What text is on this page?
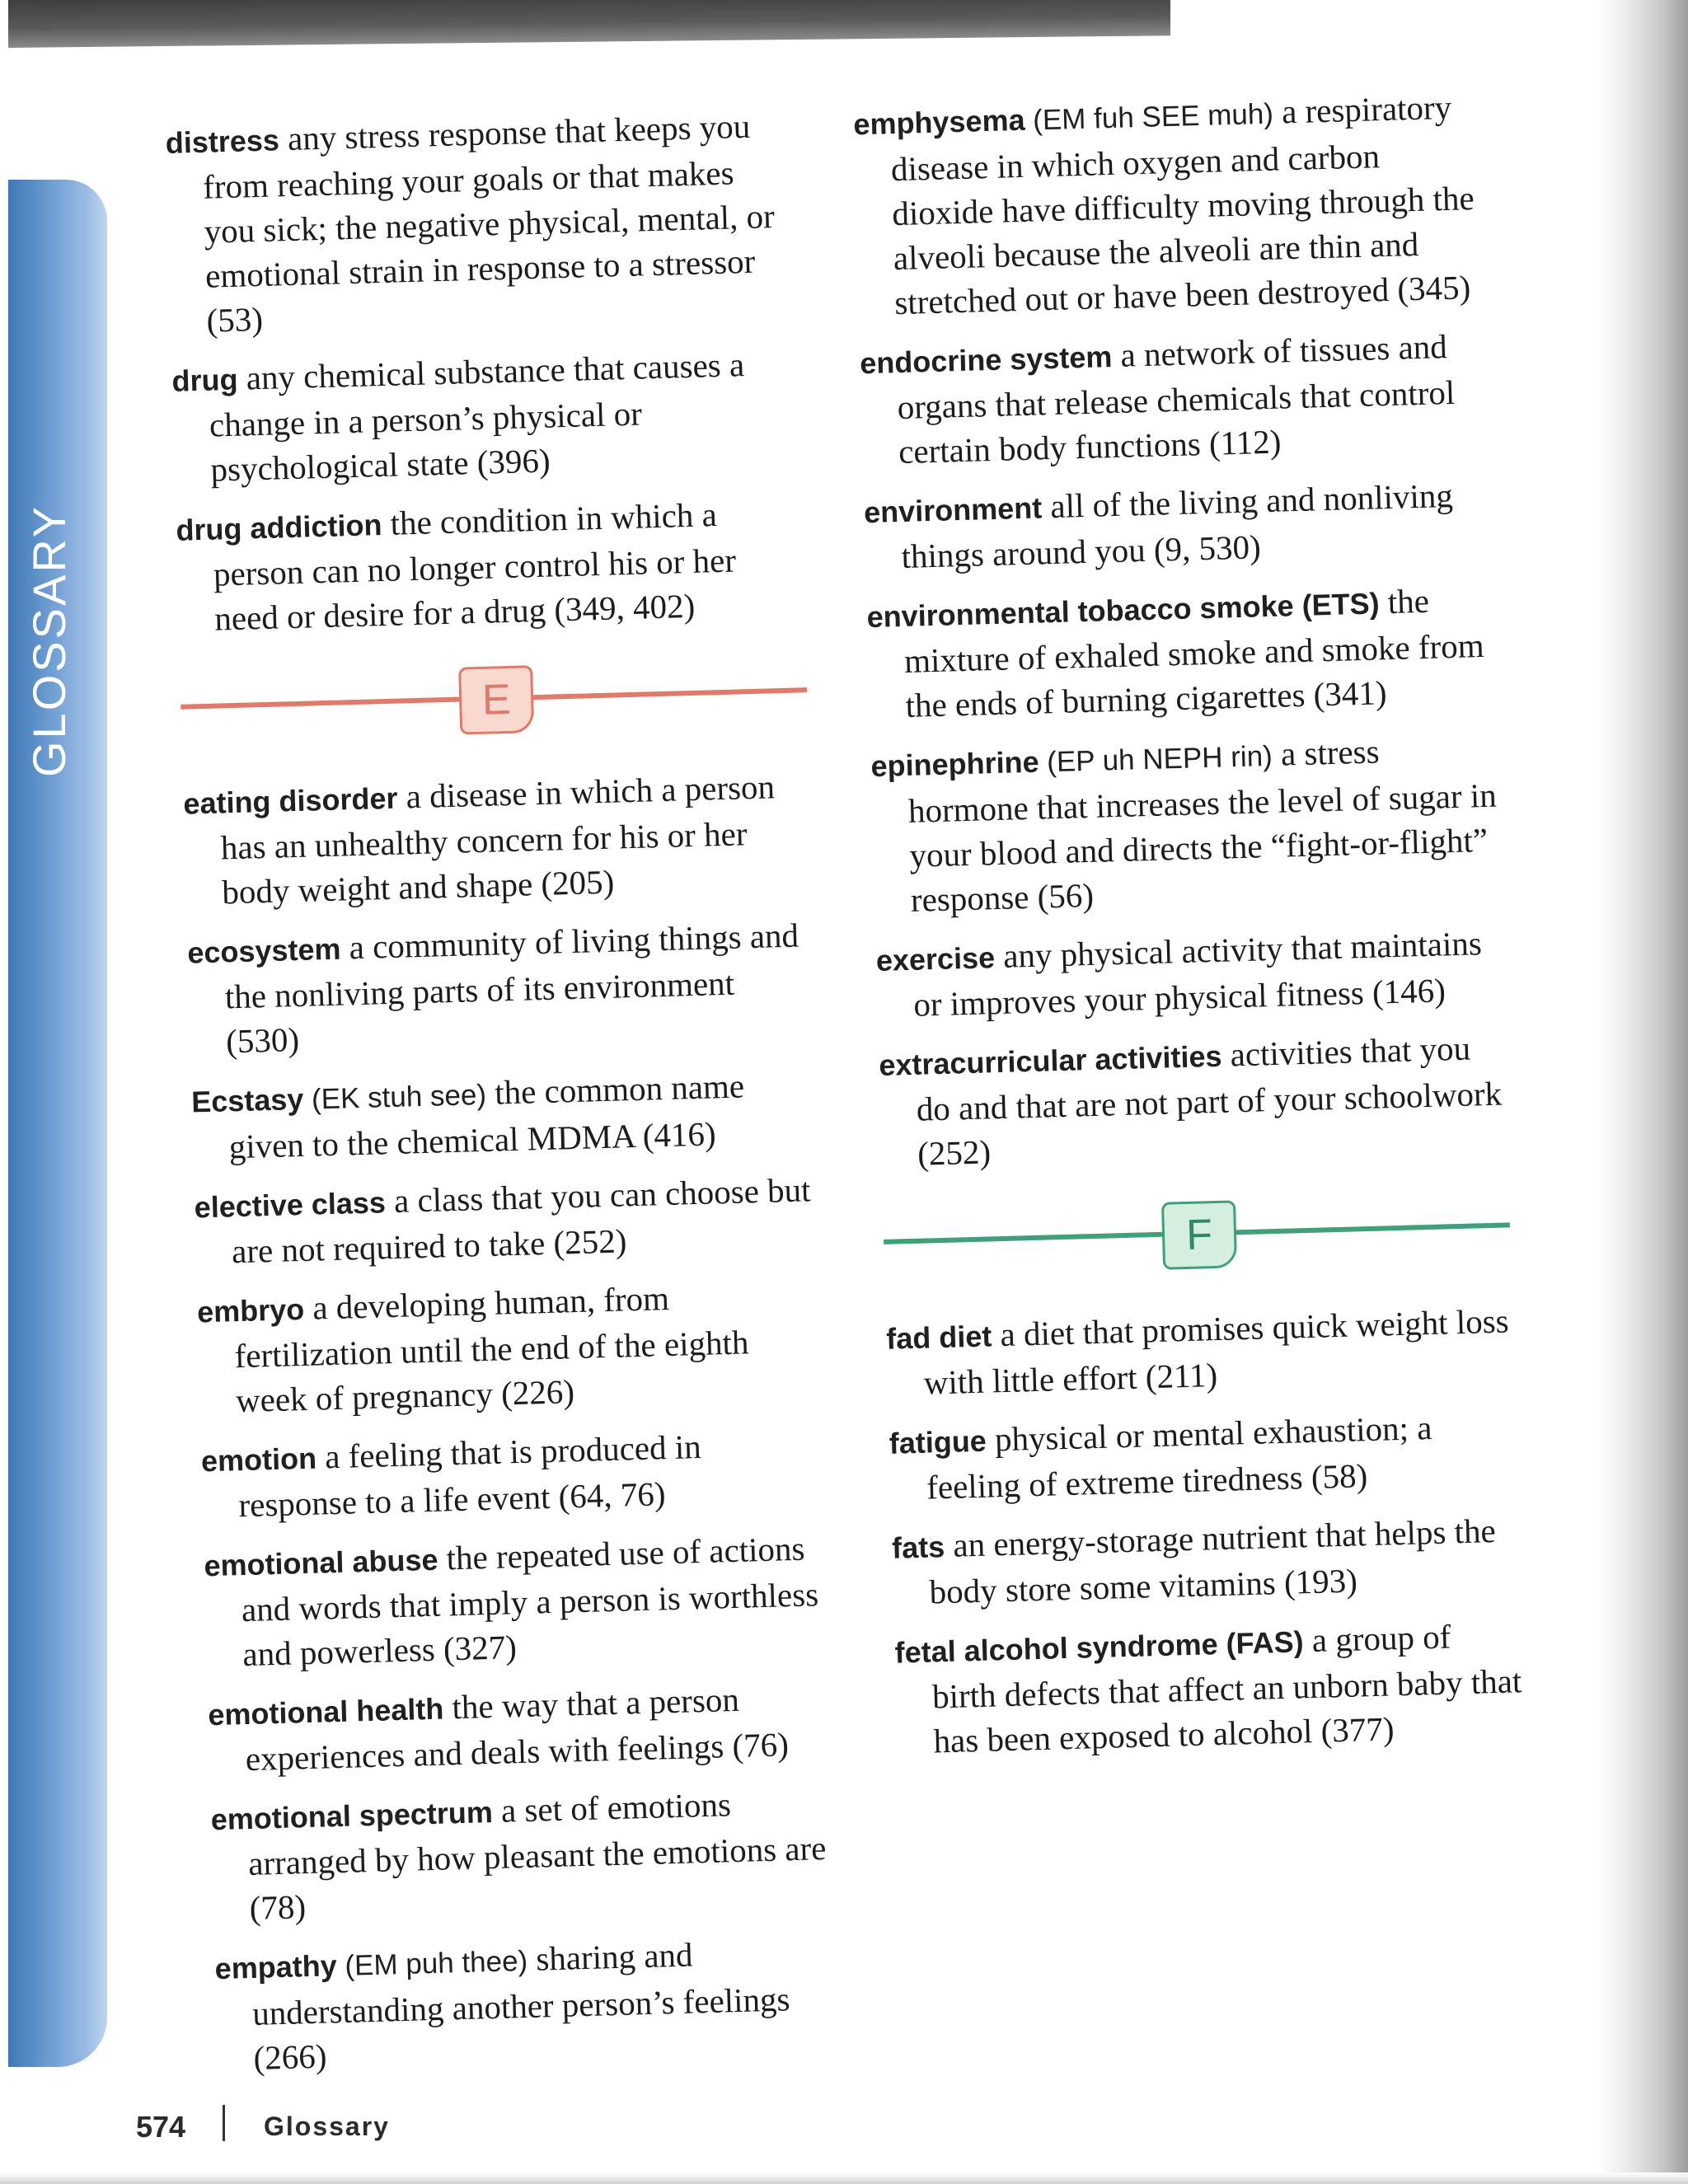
GLOSSARY

distress any stress response that keeps you from reaching your goals or that makes you sick; the negative physical, mental, or emotional strain in response to a stressor (53)

drug any chemical substance that causes a change in a person’s physical or psychological state (396)

drug addiction the condition in which a person can no longer control his or her need or desire for a drug (349, 402)

E

eating disorder a disease in which a person has an unhealthy concern for his or her body weight and shape (205)

ecosystem a community of living things and the nonliving parts of its environment (530)

Ecstasy (EK stuh see) the common name given to the chemical MDMA (416)

elective class a class that you can choose but are not required to take (252)

embryo a developing human, from fertilization until the end of the eighth week of pregnancy (226)

emotion a feeling that is produced in response to a life event (64, 76)

emotional abuse the repeated use of actions and words that imply a person is worthless and powerless (327)

emotional health the way that a person experiences and deals with feelings (76)

emotional spectrum a set of emotions arranged by how pleasant the emotions are (78)

empathy (EM puh thee) sharing and understanding another person’s feelings (266)

emphysema (EM fuh SEE muh) a respiratory disease in which oxygen and carbon dioxide have difficulty moving through the alveoli because the alveoli are thin and stretched out or have been destroyed (345)

endocrine system a network of tissues and organs that release chemicals that control certain body functions (112)

environment all of the living and nonliving things around you (9, 530)

environmental tobacco smoke (ETS) the mixture of exhaled smoke and smoke from the ends of burning cigarettes (341)

epinephrine (EP uh NEPH rin) a stress hormone that increases the level of sugar in your blood and directs the “fight-or-flight” response (56)

exercise any physical activity that maintains or improves your physical fitness (146)

extracurricular activities activities that you do and that are not part of your schoolwork (252)

F

fad diet a diet that promises quick weight loss with little effort (211)

fatigue physical or mental exhaustion; a feeling of extreme tiredness (58)

fats an energy-storage nutrient that helps the body store some vitamins (193)

fetal alcohol syndrome (FAS) a group of birth defects that affect an unborn baby that has been exposed to alcohol (377)

574	Glossary
